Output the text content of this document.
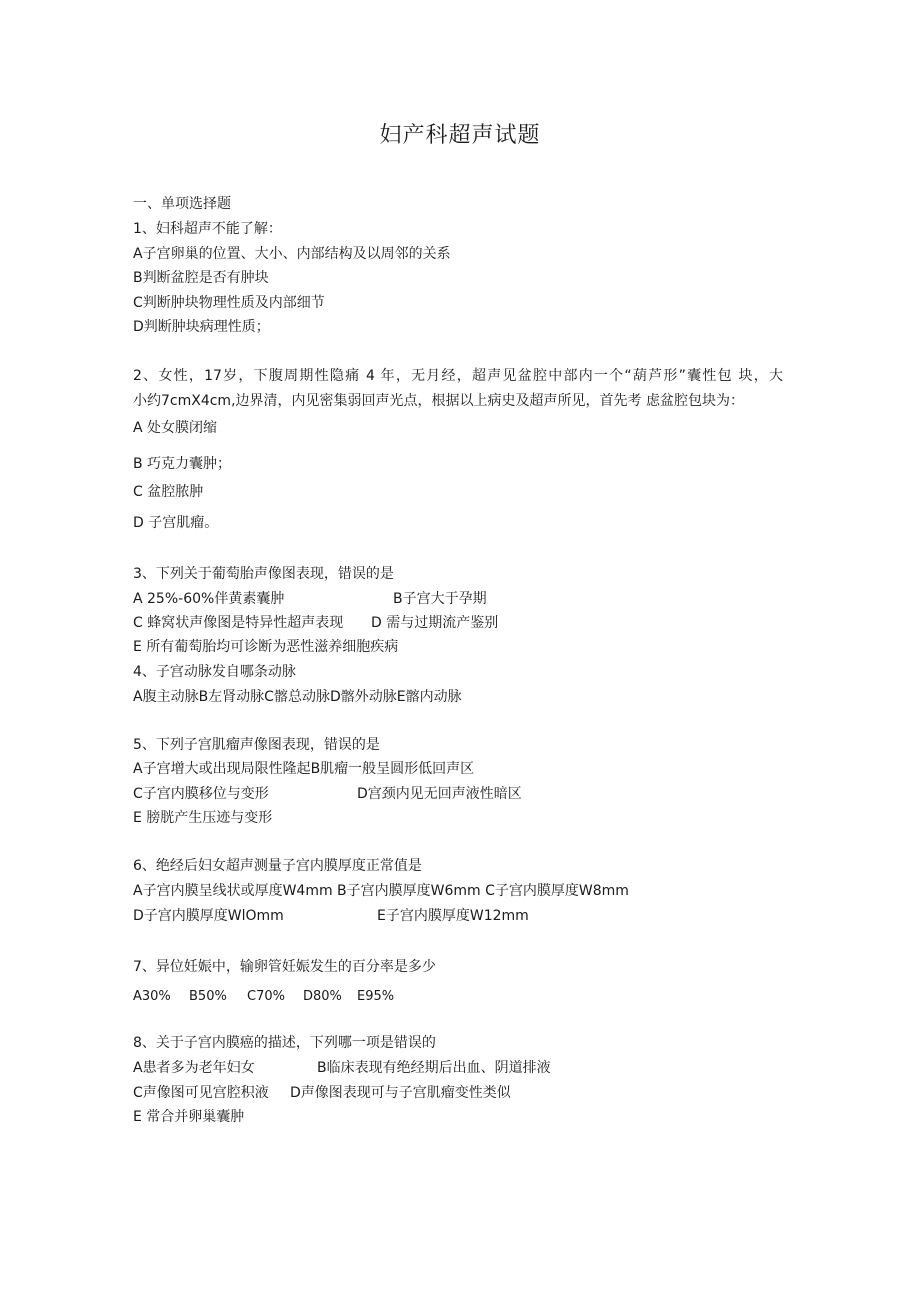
妇产科超声试题
一、单项选择题
1、妇科超声不能了解：
A子宫卵巢的位置、大小、内部结构及以周邻的关系
B判断盆腔是否有肿块
C判断肿块物理性质及内部细节
D判断肿块病理性质；
2、女性，17岁，下腹周期性隐痛 4 年，无月经，超声见盆腔中部内一个“葫芦形”囊性包 块，大
小约7cmX4cm,边界清，内见密集弱回声光点，根据以上病史及超声所见，首先考 虑盆腔包块为：
A 处女膜闭缩
B 巧克力囊肿；
C 盆腔脓肿
D 子宫肌瘤。
3、下列关于葡萄胎声像图表现，错误的是
A 25%-60%伴黄素囊肿	B子宫大于孕期
C 蜂窝状声像图是特异性超声表现 D 需与过期流产鉴别
E 所有葡萄胎均可诊断为恶性滋养细胞疾病
4、子宫动脉发自哪条动脉
A腹主动脉B左肾动脉C髂总动脉D髂外动脉E髂内动脉
5、下列子宫肌瘤声像图表现，错误的是
A子宫增大或出现局限性隆起B肌瘤一般呈圆形低回声区
C子宫内膜移位与变形	D宫颈内见无回声液性暗区
E 膀胱产生压迹与变形
6、绝经后妇女超声测量子宫内膜厚度正常值是
A子宫内膜呈线状或厚度W4mm B子宫内膜厚度W6mm C子宫内膜厚度W8mm
D子宫内膜厚度WlOmm	E子宫内膜厚度W12mm
7、异位妊娠中，输卵管妊娠发生的百分率是多少
A30% B50% C70% D80% E95%
8、关于子宫内膜癌的描述，下列哪一项是错误的
A患者多为老年妇女	B临床表现有绝经期后出血、阴道排液
C声像图可见宫腔积液 D声像图表现可与子宫肌瘤变性类似
E 常合并卵巢囊肿
